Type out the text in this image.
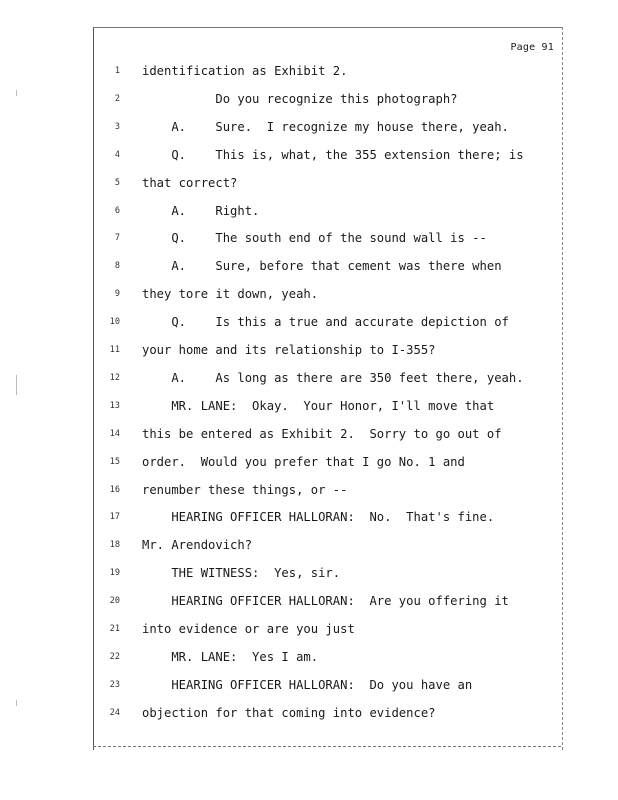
Page 91
1 identification as Exhibit 2.
2 Do you recognize this photograph?
3 A.    Sure.  I recognize my house there, yeah.
4 Q.    This is, what, the 355 extension there; is
5 that correct?
6 A.    Right.
7 Q.    The south end of the sound wall is --
8 A.    Sure, before that cement was there when
9 they tore it down, yeah.
10 Q.    Is this a true and accurate depiction of
11 your home and its relationship to I-355?
12 A.    As long as there are 350 feet there, yeah.
13 MR. LANE:  Okay.  Your Honor, I'll move that
14 this be entered as Exhibit 2.  Sorry to go out of
15 order.  Would you prefer that I go No. 1 and
16 renumber these things, or --
17 HEARING OFFICER HALLORAN:  No.  That's fine.
18 Mr. Arendovich?
19 THE WITNESS:  Yes, sir.
20 HEARING OFFICER HALLORAN:  Are you offering it
21 into evidence or are you just
22 MR. LANE:  Yes I am.
23 HEARING OFFICER HALLORAN:  Do you have an
24 objection for that coming into evidence?
